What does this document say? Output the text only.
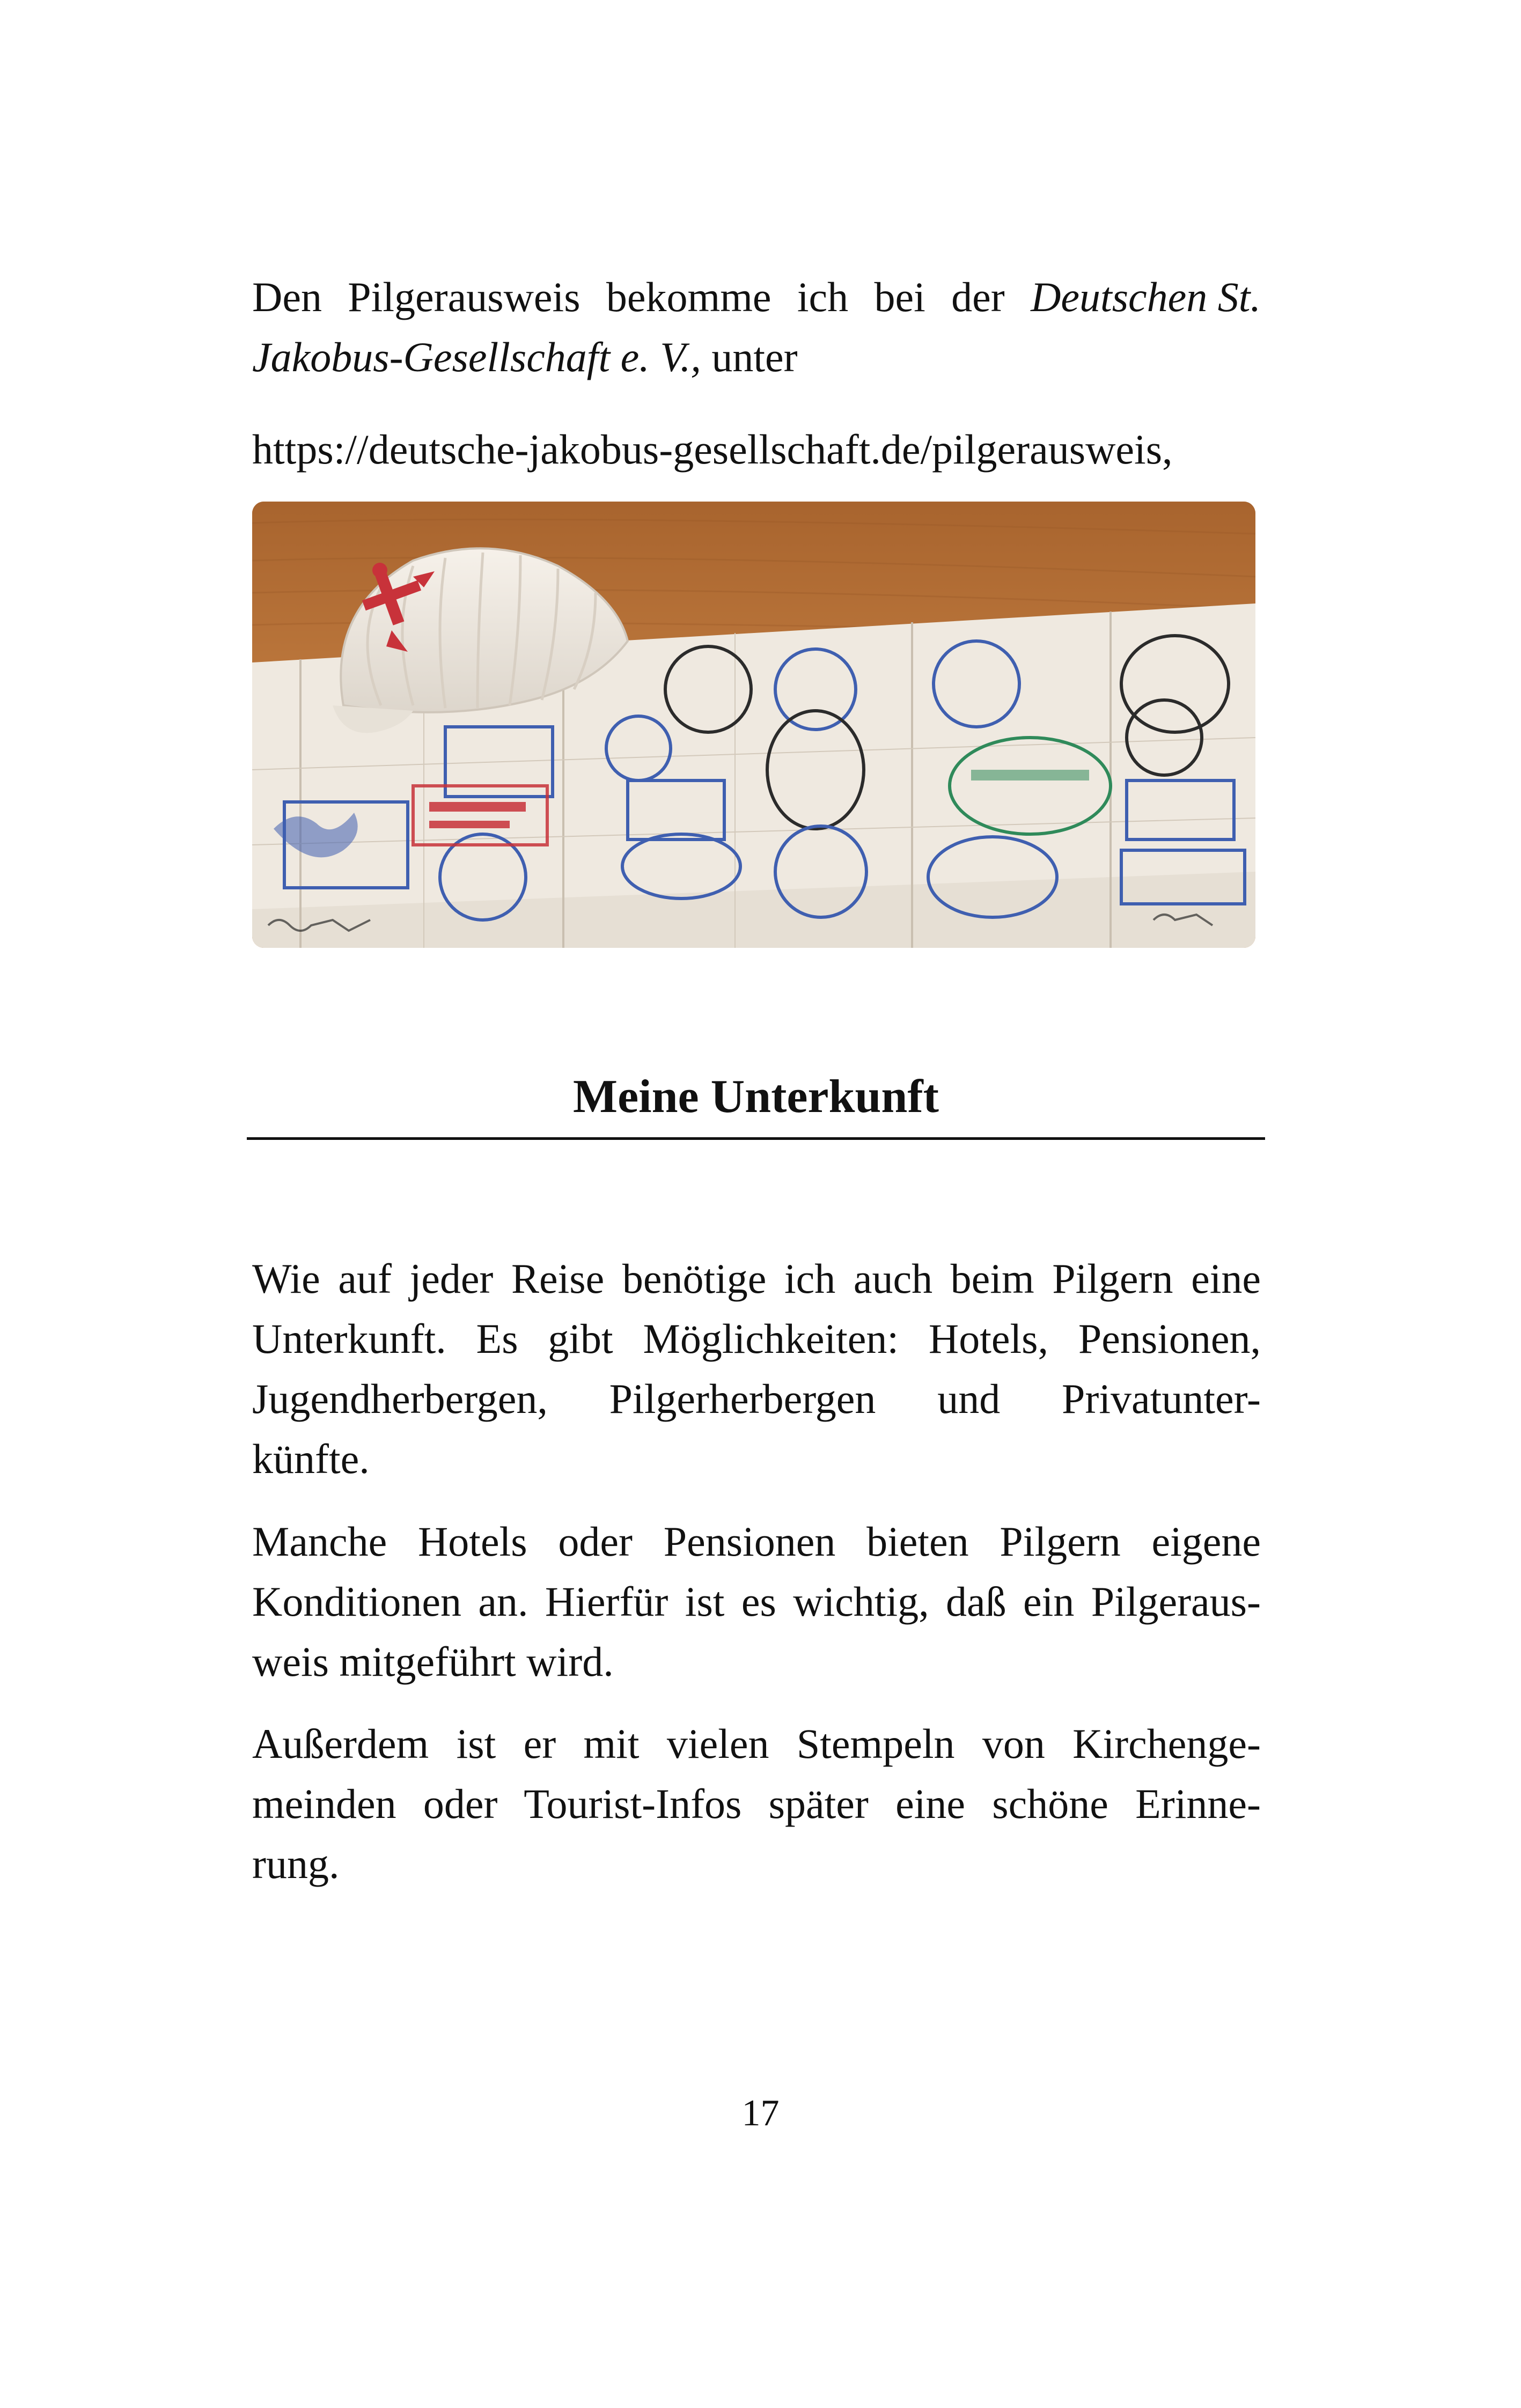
Den Pilgerausweis bekomme ich bei der Deutschen St.
Jakobus-Gesellschaft e. V., unter
https://deutsche-jakobus-gesellschaft.de/pilgerausweis,
Meine Unterkunft
Wie auf jeder Reise benötige ich auch beim Pilgern eine
Unterkunft. Es gibt Möglichkeiten: Hotels, Pensionen,
Jugendherbergen, Pilgerherbergen und Privatunter-
künfte.
Manche Hotels oder Pensionen bieten Pilgern eigene
Konditionen an. Hierfür ist es wichtig, daß ein Pilgeraus-
weis mitgeführt wird.
Außerdem ist er mit vielen Stempeln von Kirchenge-
meinden oder Tourist-Infos später eine schöne Erinne-
rung.
17
